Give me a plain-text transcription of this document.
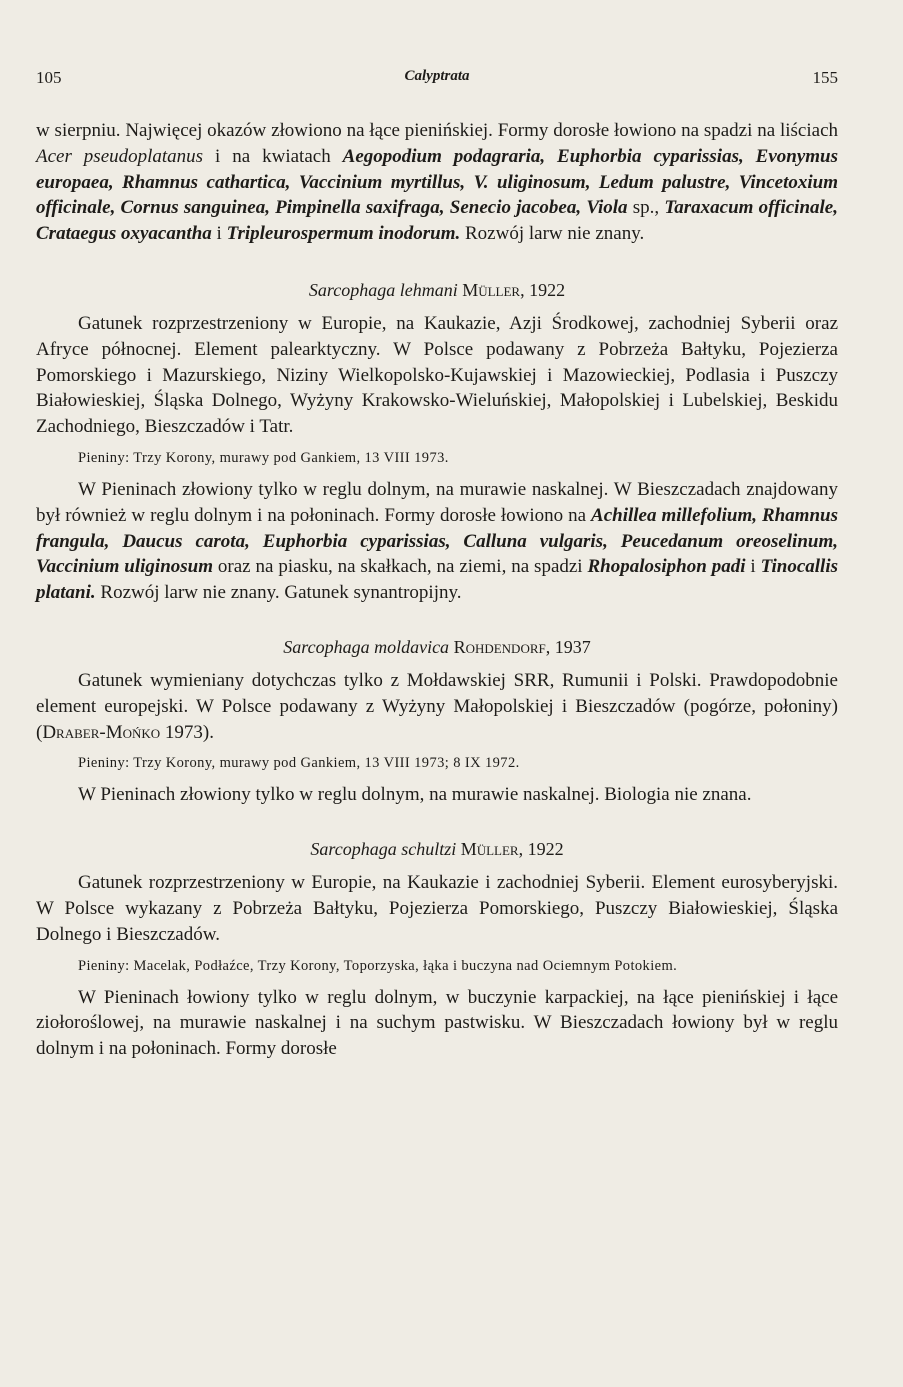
105	Calyptrata	155

w sierpniu. Najwięcej okazów złowiono na łące pienińskiej. Formy dorosłe łowiono na spadzi na liściach Acer pseudoplatanus i na kwiatach Aegopodium podagraria, Euphorbia cyparissias, Evonymus europaea, Rhamnus cathartica, Vaccinium myrtillus, V. uliginosum, Ledum palustre, Vincetoxium officinale, Cornus sanguinea, Pimpinella saxifraga, Senecio jacobea, Viola sp., Taraxacum officinale, Crataegus oxyacantha i Tripleurospermum inodorum. Rozwój larw nie znany.

Sarcophaga lehmani Müller, 1922

Gatunek rozprzestrzeniony w Europie, na Kaukazie, Azji Środkowej, zachodniej Syberii oraz Afryce północnej. Element palearktyczny. W Polsce podawany z Pobrzeża Bałtyku, Pojezierza Pomorskiego i Mazurskiego, Niziny Wielkopolsko-Kujawskiej i Mazowieckiej, Podlasia i Puszczy Białowieskiej, Śląska Dolnego, Wyżyny Krakowsko-Wieluńskiej, Małopolskiej i Lubelskiej, Beskidu Zachodniego, Bieszczadów i Tatr.

Pieniny: Trzy Korony, murawy pod Gankiem, 13 VIII 1973.

W Pieninach złowiony tylko w reglu dolnym, na murawie naskalnej. W Bieszczadach znajdowany był również w reglu dolnym i na połoninach. Formy dorosłe łowiono na Achillea millefolium, Rhamnus frangula, Daucus carota, Euphorbia cyparissias, Calluna vulgaris, Peucedanum oreoselinum, Vaccinium uliginosum oraz na piasku, na skałkach, na ziemi, na spadzi Rhopalosiphon padi i Tinocallis platani. Rozwój larw nie znany. Gatunek synantropijny.

Sarcophaga moldavica Rohdendorf, 1937

Gatunek wymieniany dotychczas tylko z Mołdawskiej SRR, Rumunii i Polski. Prawdopodobnie element europejski. W Polsce podawany z Wyżyny Małopolskiej i Bieszczadów (pogórze, połoniny) (Draber-Mońko 1973).

Pieniny: Trzy Korony, murawy pod Gankiem, 13 VIII 1973; 8 IX 1972.

W Pieninach złowiony tylko w reglu dolnym, na murawie naskalnej. Biologia nie znana.

Sarcophaga schultzi Müller, 1922

Gatunek rozprzestrzeniony w Europie, na Kaukazie i zachodniej Syberii. Element eurosyberyjski. W Polsce wykazany z Pobrzeża Bałtyku, Pojezierza Pomorskiego, Puszczy Białowieskiej, Śląska Dolnego i Bieszczadów.

Pieniny: Macelak, Podłaźce, Trzy Korony, Toporzyska, łąka i buczyna nad Ociemnym Potokiem.

W Pieninach łowiony tylko w reglu dolnym, w buczynie karpackiej, na łące pienińskiej i łące ziołoroślowej, na murawie naskalnej i na suchym pastwisku. W Bieszczadach łowiony był w reglu dolnym i na połoninach. Formy dorosłe
